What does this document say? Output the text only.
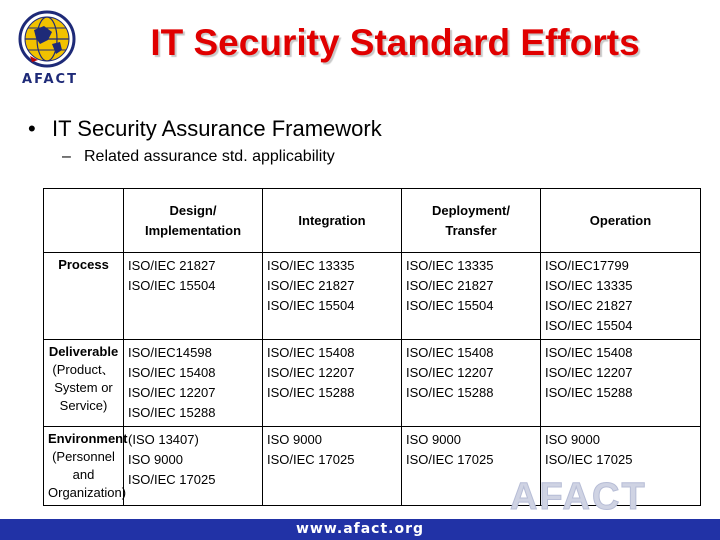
AFACT
IT Security Standard Efforts
• IT Security Assurance Framework
– Related assurance std. applicability
	Design/ Implementation	Integration	Deployment/ Transfer	Operation
Process	ISO/IEC 21827
ISO/IEC 15504	ISO/IEC 13335
ISO/IEC 21827
ISO/IEC 15504	ISO/IEC 13335
ISO/IEC 21827
ISO/IEC 15504	ISO/IEC17799
ISO/IEC 13335
ISO/IEC 21827
ISO/IEC 15504

Deliverable
(Product、 System or Service)	ISO/IEC14598
ISO/IEC 15408
ISO/IEC 12207
ISO/IEC 15288	ISO/IEC 15408
ISO/IEC 12207
ISO/IEC 15288	ISO/IEC 15408
ISO/IEC 12207
ISO/IEC 15288	ISO/IEC 15408
ISO/IEC 12207
ISO/IEC 15288

Environment
(Personnel and Organization)	(ISO 13407)
ISO 9000
ISO/IEC 17025	ISO 9000
ISO/IEC 17025	ISO 9000
ISO/IEC 17025	ISO 9000
ISO/IEC 17025
AFACT
www.afact.org
